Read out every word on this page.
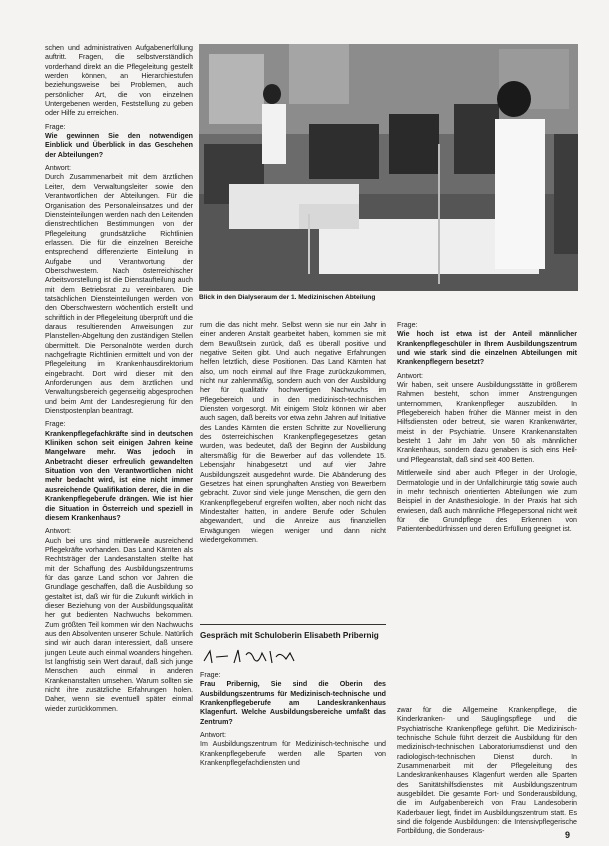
schen und administrativen Aufgabenerfüllung auftritt. Fragen, die selbstverständlich vorderhand direkt an die Pflegeleitung gestellt werden können, an Hierarchiestufen beziehungsweise bei Problemen, auch persönlicher Art, die von einzelnen Untergebenen werden, Feststellung zu geben oder Hilfe zu erreichen.

Frage:
Wie gewinnen Sie den notwendigen Einblick und Überblick in das Geschehen der Abteilungen?

Antwort:
Durch Zusammenarbeit mit dem ärztlichen Leiter, dem Verwaltungsleiter sowie den Verantwortlichen der Abteilungen. Für die Organisation des Personaleinsatzes und der Diensteinteilungen werden nach den Leitenden dienstrechtlichen Bestimmungen von der Pflegeleitung grundsätzliche Richtlinien erlassen. Die für die einzelnen Bereiche entsprechend differenzierte Einteilung in Aufgabe und Verantwortung der Oberschwestern. Nach österreichischer Arbeitsvorstellung ist die Dienstaufteilung auch mit dem Betriebsrat zu vereinbaren. Die tatsächlichen Diensteinteilungen werden von den Oberschwestern wöchentlich erstellt und schriftlich in der Pflegeleitung überprüft und die daraus resultierenden Anweisungen zur Planstellen-Abgeltung den zuständigen Stellen übermittelt. Die Personalnöte werden durch nachgefragte Richtlinien ermittelt und von der Pflegeleitung im Krankenhausdirektorium eingebracht. Dort wird dieser mit den Anforderungen aus dem ärztlichen und Verwaltungsbereich gegenseitig abgesprochen und beim Amt der Landesregierung für den Dienstpostenplan beantragt.

Frage:
Krankenpflegefachkräfte sind in deutschen Kliniken schon seit einigen Jahren keine Mangelware mehr. Was jedoch in Anbetracht dieser erfreulich gewandelten Situation von den Verantwortlichen nicht mehr bedacht wird, ist eine nicht immer ausreichende Qualifikation derer, die in die Krankenpflegeberufe drängen. Wie ist hier die Situation in Österreich und speziell in diesem Krankenhaus?

Antwort:
Auch bei uns sind mittlerweile ausreichend Pflegekräfte vorhanden. Das Land Kärnten als Rechtsträger der Landesanstalten stellte hat mit der Schaffung des Ausbildungszentrums für das ganze Land schon vor Jahren die Grundlage geschaffen, daß die Ausbildung so gestaltet ist, daß wir für die Zukunft wirklich in dieser Beziehung von der Ausbildungsqualität her gut bedienten Nachwuchs bekommen. Zum größten Teil kommen wir den Nachwuchs aus den Absolventen unserer Schule. Natürlich sind wir auch daran interessiert, daß unsere jungen Leute auch einmal woanders hingehen. Ist langfristig sein Wert darauf, daß sich junge Menschen auch einmal in anderen Krankenanstalten umsehen. Warum sollten sie nicht ihre zusätzliche Erfahrungen holen. Daher, wenn sie eventuell später einmal wieder zurückkommen.

Blick in den Dialyseraum der 1. Medizinischen Abteilung

rum die das nicht mehr. Selbst wenn sie nur ein Jahr in einer anderen Anstalt gearbeitet haben, kommen sie mit dem Bewußtsein zurück, daß es überall positive und negative Seiten gibt. Und auch negative Erfahrungen helfen letztlich, diese Positionen. Das Land Kärnten hat also, um noch einmal auf Ihre Frage zurückzukommen, nicht nur zahlenmäßig, sondern auch von der Ausbildung her für qualitativ hochwertigen Nachwuchs im Pflegebereich und in den medizinisch-technischen Diensten vorgesorgt. Mit einigem Stolz können wir aber auch sagen, daß bereits vor etwa zehn Jahren auf Initiative des Landes Kärnten die ersten Schritte zur Novellierung des österreichischen Krankenpflegegesetzes getan wurden, was bedeutet, daß der Beginn der Ausbildung altersmäßig für die Bewerber auf das vollendete 15. Lebensjahr hinabgesetzt und auf vier Jahre Ausbildungszeit ausgedehnt wurde. Die Abänderung des Gesetzes hat einen sprunghaften Anstieg von Bewerbern gebracht. Zuvor sind viele junge Menschen, die gern den Krankenpflegeberuf ergreifen wollten, aber noch nicht das Mindestalter hatten, in andere Berufe oder Schulen abgewandert, und die Anreize aus finanziellen Erwägungen wiegen weniger und dann nicht wiedergekommen.

Frage:
Wie hoch ist etwa ist der Anteil männlicher Krankenpflegeschüler in Ihrem Ausbildungszentrum und wie stark sind die einzelnen Abteilungen mit Krankenpflegern besetzt?

Antwort:
Wir haben, seit unsere Ausbildungsstätte in größerem Rahmen besteht, schon immer Anstrengungen unternommen, Krankenpfleger auszubilden. In Pflegebereich haben früher die Männer meist in den Hilfsdiensten oder betreut, sie waren Krankenwärter, meist in der Psychiatrie. Unsere Krankenanstalten besteht 1 Jahr im Jahr von 50 als männlicher Krankenhaus, sondern dazu genaben is sich eins Heil- und Pflegeanstalt, daß sind seit 400 Betten.

Mittlerweile sind aber auch Pfleger in der Urologie, Dermatologie und in der Unfallchirurgie tätig sowie auch in mehr technisch orientierten Abteilungen wie zum Beispiel in der Anästhesiologie. In der Praxis hat sich erwiesen, daß auch männliche Pflegepersonal nicht weit für die Grundpflege des Erkennen von Patientenbedürfnissen und deren Erfüllung geeignet ist.

Gespräch mit Schuloberin Elisabeth Pribernig
Frage:
Frau Pribernig, Sie sind die Oberin des Ausbildungszentrums für Medizinisch-technische und Krankenpflegeberufe am Landeskrankenhaus Klagenfurt. Welche Ausbildungsbereiche umfaßt das Zentrum?

Antwort:
Im Ausbildungszentrum für Medizinisch-technische und Krankenpflegeberufe werden alle Sparten von Krankenpflegefachdiensten und

zwar für die Allgemeine Krankenpflege, die Kinderkranken- und Säuglingspflege und die Psychiatrische Krankenpflege geführt. Die Medizinisch-technische Schule führt derzeit die Ausbildung für den medizinisch-technischen Laboratoriumsdienst und den radiologisch-technischen Dienst durch. In Zusammenarbeit mit der Pflegeleitung des Landeskrankenhauses Klagenfurt werden alle Sparten des Sanitätshilfsdienstes mit Ausbildungszentrum ausgebildet. Die gesamte Fort- und Sonderausbildung, die im Aufgabenbereich von Frau Landesoberin Kaderbauer liegt, findet im Ausbildungszentrum statt. Es sind die folgende Ausbildungen: die Intensivpflegerische Fortbildung, die Sonderaus-	9
